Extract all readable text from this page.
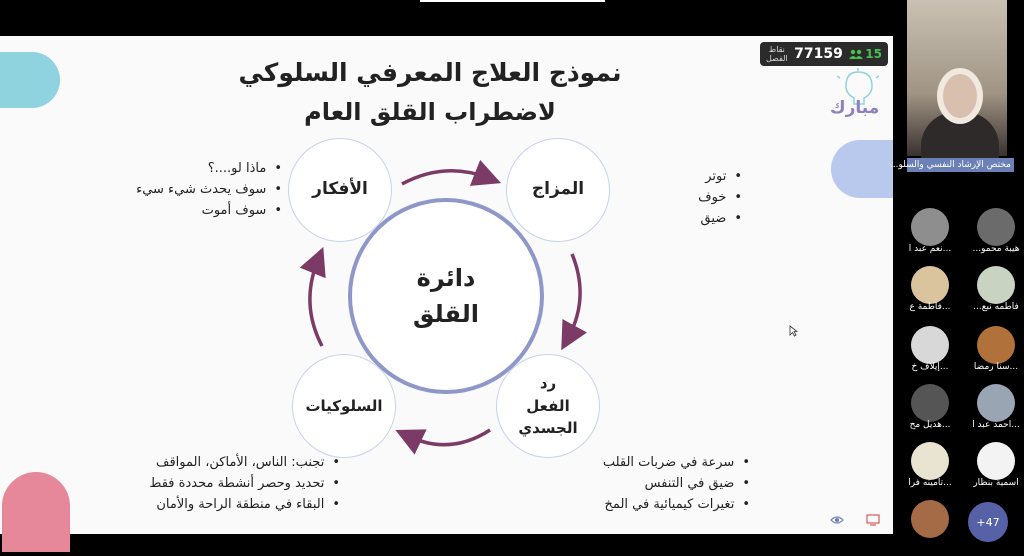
نموذج العلاج المعرفي السلوكي
لاضطراب القلق العام
دائرة
القلق
الأفكار	المزاج
رد
الفعل
الجسدي
السلوكيات
• ماذا لو....؟
• سوف يحدث شيء سيء
• سوف أموت
• توتر
• خوف
• ضيق
• سرعة في ضربات القلب
• ضيق في التنفس
• تغيرات كيميائية في المخ
• تجنب: الناس، الأماكن، المواقف
• تحديد وحصر أنشطة محددة فقط
• البقاء في منطقة الراحة والأمان
نقاط
الفصل 77159 15
مبارك
مختص الإرشاد النفسي والسلو...
هيبة محمو...
...نعم عبد ا
فاطمه نبع...
...فاطمة ع
...سنا رمضا
...إيلاف خ
...احمد عبد ا
...هديل مح
اسمية بنظار
...تامينه فرا
+47
